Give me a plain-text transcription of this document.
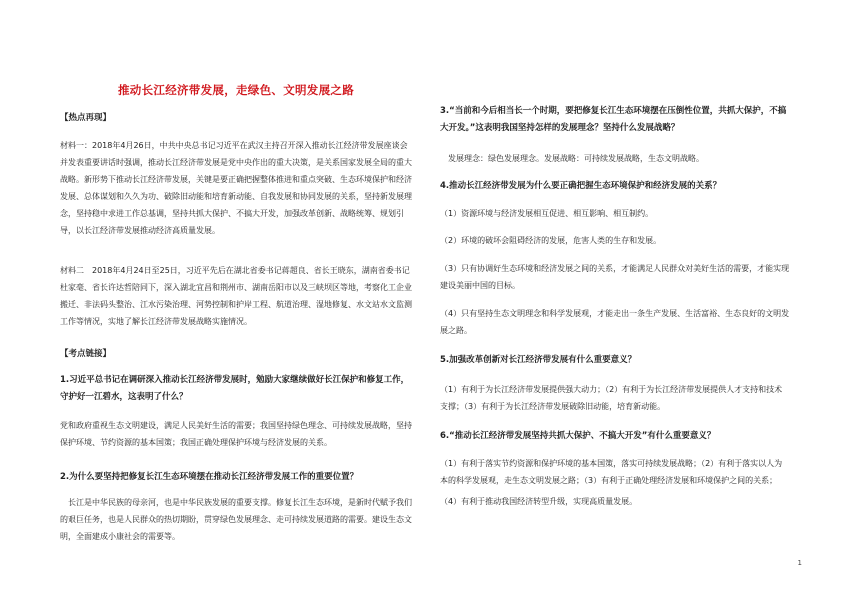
推动长江经济带发展，走绿色、文明发展之路

【热点再现】

材料一：2018年4月26日，中共中央总书记习近平在武汉主持召开深入推动长江经济带发展座谈会并发表重要讲话时强调，推动长江经济带发展是党中央作出的重大决策，是关系国家发展全局的重大战略。新形势下推动长江经济带发展，关键是要正确把握整体推进和重点突破、生态环境保护和经济发展、总体谋划和久久为功、破除旧动能和培育新动能、自我发展和协同发展的关系，坚持新发展理念，坚持稳中求进工作总基调，坚持共抓大保护、不搞大开发，加强改革创新、战略统筹、规划引导，以长江经济带发展推动经济高质量发展。

材料二　2018年4月24日至25日，习近平先后在湖北省委书记蒋超良、省长王晓东，湖南省委书记杜家毫、省长许达哲陪同下，深入湖北宜昌和荆州市、湖南岳阳市以及三峡坝区等地，考察化工企业搬迁、非法码头整治、江水污染治理、河势控制和护岸工程、航道治理、湿地修复、水文站水文监测工作等情况，实地了解长江经济带发展战略实施情况。

【考点链接】

1.习近平总书记在调研深入推动长江经济带发展时，勉励大家继续做好长江保护和修复工作，守护好一江碧水，这表明了什么？

党和政府重视生态文明建设，满足人民美好生活的需要；我国坚持绿色理念、可持续发展战略，坚持保护环境、节约资源的基本国策；我国正确处理保护环境与经济发展的关系。

2.为什么要坚持把修复长江生态环境摆在推动长江经济带发展工作的重要位置？

　长江是中华民族的母亲河，也是中华民族发展的重要支撑。修复长江生态环境，是新时代赋予我们的艰巨任务，也是人民群众的热切期盼，贯穿绿色发展理念、走可持续发展道路的需要。建设生态文明，全面建成小康社会的需要等。

3.“当前和今后相当长一个时期，要把修复长江生态环境摆在压倒性位置，共抓大保护，不搞大开发。”这表明我国坚持怎样的发展理念？坚持什么发展战略？

　发展理念：绿色发展理念。发展战略：可持续发展战略，生态文明战略。

4.推动长江经济带发展为什么要正确把握生态环境保护和经济发展的关系？

（1）资源环境与经济发展相互促进、相互影响、相互制约。

（2）环境的破坏会阻碍经济的发展，危害人类的生存和发展。

（3）只有协调好生态环境和经济发展之间的关系，才能满足人民群众对美好生活的需要，才能实现建设美丽中国的目标。

（4）只有坚持生态文明理念和科学发展观，才能走出一条生产发展、生活富裕、生态良好的文明发展之路。

5.加强改革创新对长江经济带发展有什么重要意义？

（1）有利于为长江经济带发展提供强大动力；（2）有利于为长江经济带发展提供人才支持和技术支撑；（3）有利于为长江经济带发展破除旧动能，培育新动能。

6.“推动长江经济带发展坚持共抓大保护、不搞大开发”有什么重要意义？

（1）有利于落实节约资源和保护环境的基本国策，落实可持续发展战略；（2）有利于落实以人为本的科学发展观，走生态文明发展之路；（3）有利于正确处理经济发展和环境保护之间的关系；

（4）有利于推动我国经济转型升级，实现高质量发展。

1
